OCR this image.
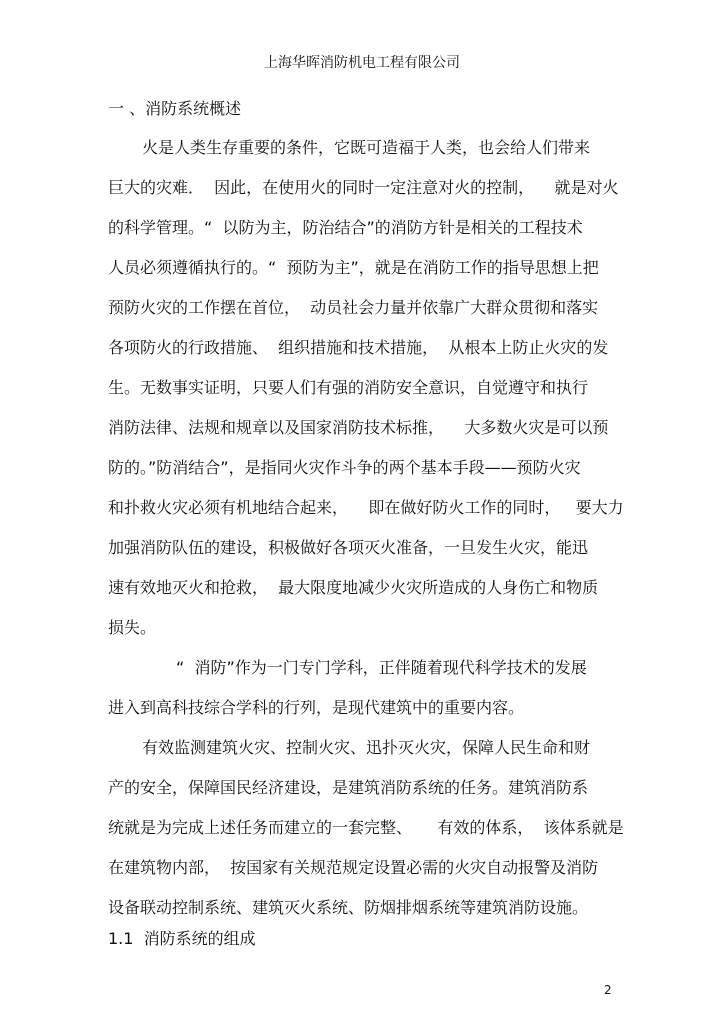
上海华晖消防机电工程有限公司
一 、消防系统概述
火是人类生存重要的条件，它既可造福于人类，也会给人们带来
巨大的灾难．  因此，在使用火的同时一定注意对火的控制，    就是对火
的科学管理。“  以防为主，防治结合”的消防方针是相关的工程技术
人员必须遵循执行的。“  预防为主”，就是在消防工作的指导思想上把
预防火灾的工作摆在首位，  动员社会力量并依靠广大群众贯彻和落实
各项防火的行政措施、  组织措施和技术措施，  从根本上防止火灾的发
生。无数事实证明，只要人们有强的消防安全意识，自觉遵守和执行
消防法律、法规和规章以及国家消防技术标推，    大多数火灾是可以预
防的。”防消结合”，是指同火灾作斗争的两个基本手段——预防火灾
和扑救火灾必须有机地结合起来，    即在做好防火工作的同时，   要大力
加强消防队伍的建设，积极做好各项灭火准备，一旦发生火灾，能迅
速有效地灭火和抢救，  最大限度地减少火灾所造成的人身伤亡和物质
损失。
“  消防”作为一门专门学科，正伴随着现代科学技术的发展
进入到高科技综合学科的行列，是现代建筑中的重要内容。
有效监测建筑火灾、控制火灾、迅扑灭火灾，保障人民生命和财
产的安全，保障国民经济建设，是建筑消防系统的任务。建筑消防系
统就是为完成上述任务而建立的一套完整、     有效的体系，  该体系就是
在建筑物内部，  按国家有关规范规定设置必需的火灾自动报警及消防
设备联动控制系统、建筑灭火系统、防烟排烟系统等建筑消防设施。
1.1  消防系统的组成
2
